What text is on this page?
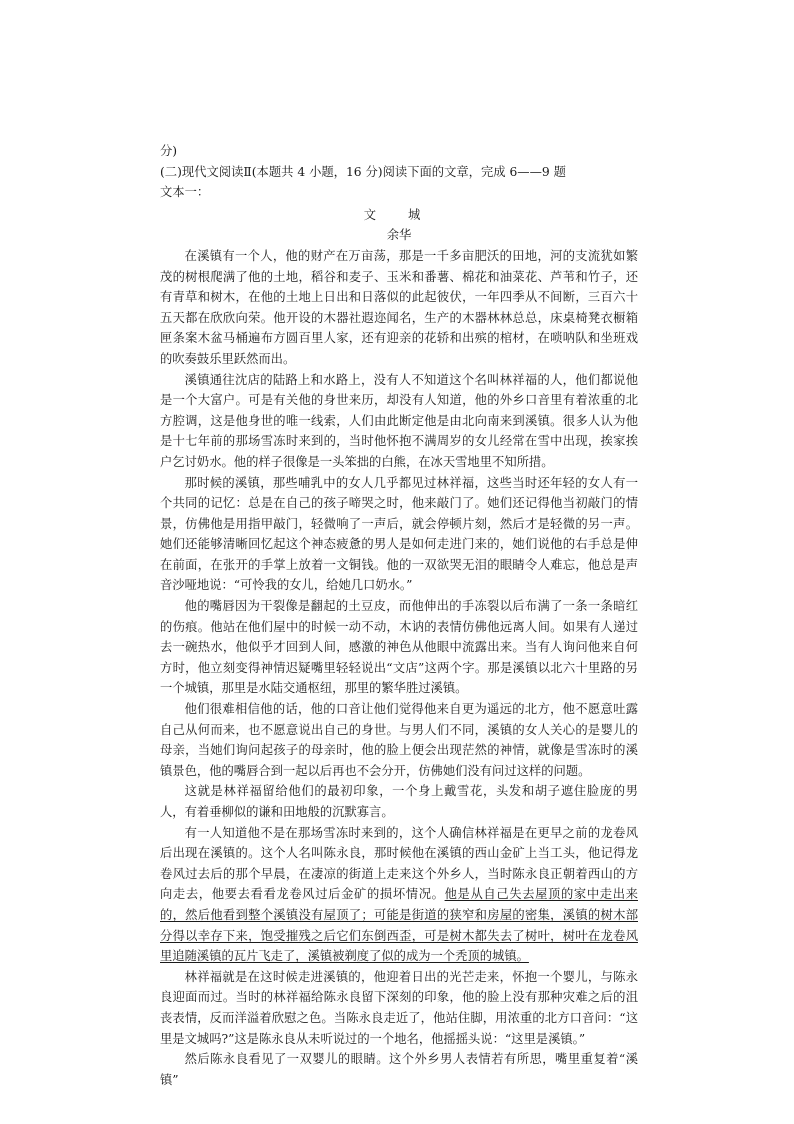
分)

(二)现代文阅读Ⅱ(本题共 4 小题，16 分)阅读下面的文章，完成 6——9 题

文本一：

文 城

余华

在溪镇有一个人，他的财产在万亩荡，那是一千多亩肥沃的田地，河的支流犹如繁茂的树根爬满了他的土地，稻谷和麦子、玉米和番薯、棉花和油菜花、芦苇和竹子，还有青草和树木，在他的土地上日出和日落似的此起彼伏，一年四季从不间断，三百六十五天都在欣欣向荣。他开设的木器社遐迩闻名，生产的木器林林总总，床桌椅凳衣橱箱匣条案木盆马桶遍布方圆百里人家，还有迎亲的花轿和出殡的棺材，在唢呐队和坐班戏的吹奏鼓乐里跃然而出。

溪镇通往沈店的陆路上和水路上，没有人不知道这个名叫林祥福的人，他们都说他是一个大富户。可是有关他的身世来历，却没有人知道，他的外乡口音里有着浓重的北方腔调，这是他身世的唯一线索，人们由此断定他是由北向南来到溪镇。很多人认为他是十七年前的那场雪冻时来到的，当时他怀抱不满周岁的女儿经常在雪中出现，挨家挨户乞讨奶水。他的样子很像是一头笨拙的白熊，在冰天雪地里不知所措。

那时候的溪镇，那些哺乳中的女人几乎都见过林祥福，这些当时还年轻的女人有一个共同的记忆：总是在自己的孩子啼哭之时，他来敲门了。她们还记得他当初敲门的情景，仿佛他是用指甲敲门，轻微响了一声后，就会停顿片刻，然后才是轻微的另一声。她们还能够清晰回忆起这个神态疲惫的男人是如何走进门来的，她们说他的右手总是伸在前面，在张开的手掌上放着一文铜钱。他的一双欲哭无泪的眼睛令人难忘，他总是声音沙哑地说：“可怜我的女儿，给她几口奶水。”

他的嘴唇因为干裂像是翻起的土豆皮，而他伸出的手冻裂以后布满了一条一条暗红的伤痕。他站在他们屋中的时候一动不动，木讷的表情仿佛他远离人间。如果有人递过去一碗热水，他似乎才回到人间，感激的神色从他眼中流露出来。当有人询问他来自何方时，他立刻变得神情迟疑嘴里轻轻说出“文店”这两个字。那是溪镇以北六十里路的另一个城镇，那里是水陆交通枢纽，那里的繁华胜过溪镇。

他们很难相信他的话，他的口音让他们觉得他来自更为遥远的北方，他不愿意吐露自己从何而来，也不愿意说出自己的身世。与男人们不同，溪镇的女人关心的是婴儿的母亲，当她们询问起孩子的母亲时，他的脸上便会出现茫然的神情，就像是雪冻时的溪镇景色，他的嘴唇合到一起以后再也不会分开，仿佛她们没有问过这样的问题。

这就是林祥福留给他们的最初印象，一个身上戴雪花，头发和胡子遮住脸庞的男人，有着垂柳似的谦和田地般的沉默寡言。

有一人知道他不是在那场雪冻时来到的，这个人确信林祥福是在更早之前的龙卷风后出现在溪镇的。这个人名叫陈永良，那时候他在溪镇的西山金矿上当工头，他记得龙卷风过去后的那个早晨，在凄凉的街道上走来这个外乡人，当时陈永良正朝着西山的方向走去，他要去看看龙卷风过后金矿的损坏情况。他是从自己失去屋顶的家中走出来的，然后他看到整个溪镇没有屋顶了；可能是街道的狭窄和房屋的密集，溪镇的树木部分得以幸存下来，饱受摧残之后它们东倒西歪，可是树木都失去了树叶，树叶在龙卷风里追随溪镇的瓦片飞走了，溪镇被剃度了似的成为一个秃顶的城镇。

林祥福就是在这时候走进溪镇的，他迎着日出的光芒走来，怀抱一个婴儿，与陈永良迎面而过。当时的林祥福给陈永良留下深刻的印象，他的脸上没有那种灾难之后的沮丧表情，反而洋溢着欣慰之色。当陈永良走近了，他站住脚，用浓重的北方口音问：“这里是文城吗?”这是陈永良从未听说过的一个地名，他摇摇头说：“这里是溪镇。”

然后陈永良看见了一双婴儿的眼睛。这个外乡男人表情若有所思，嘴里重复着“溪镇”
